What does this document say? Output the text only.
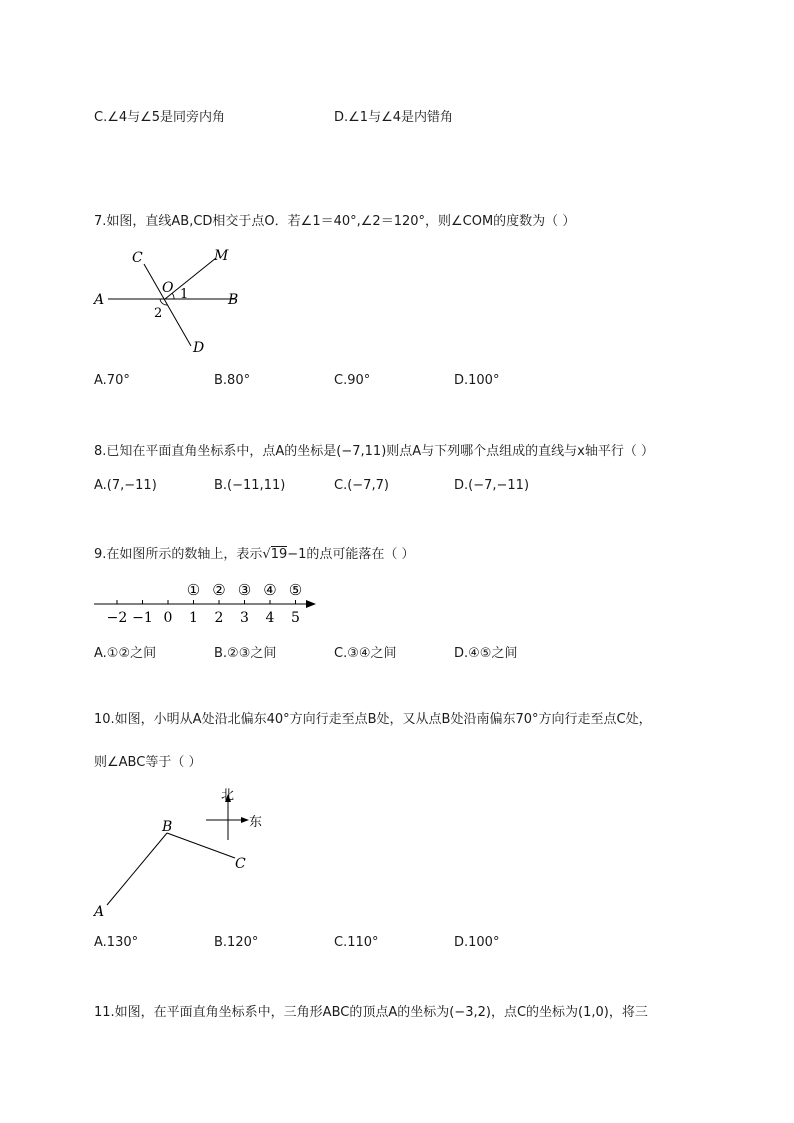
C.∠4与∠5是同旁内角	D.∠1与∠4是内错角
7.如图，直线AB,CD相交于点O．若∠1＝40°,∠2＝120°，则∠COM的度数为（ ）
A	B
C
D
M
O 1
2
A.70°	B.80°	C.90°	D.100°
8.已知在平面直角坐标系中，点A的坐标是(−7,11)则点A与下列哪个点组成的直线与x轴平行（ ）
A.(7,−11)	B.(−11,11)	C.(−7,7)	D.(−7,−11)
9.在如图所示的数轴上，表示√19−1的点可能落在（ ）
−2 −1 0 1 2 3 4 5
① ② ③ ④ ⑤
A.①②之间	B.②③之间	C.③④之间	D.④⑤之间
10.如图，小明从A处沿北偏东40°方向行走至点B处，又从点B处沿南偏东70°方向行走至点C处，
则∠ABC等于（ ）
北
东
A
B
C
A.130°	B.120°	C.110°	D.100°
11.如图，在平面直角坐标系中，三角形ABC的顶点A的坐标为(−3,2)，点C的坐标为(1,0)，将三
